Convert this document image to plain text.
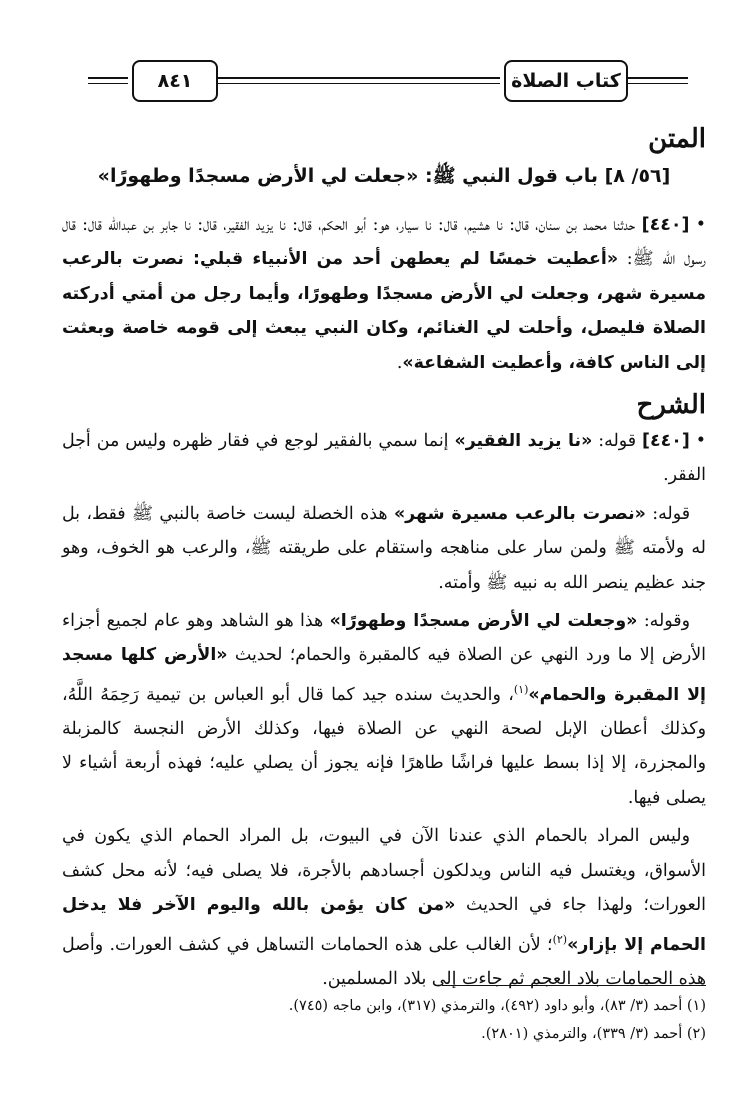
٨٤١	كتاب الصلاة
المتن
[٥٦/ ٨] باب قول النبي ﷺ: «جعلت لي الأرض مسجدًا وطهورًا»

• [٤٤٠] حدثنا محمد بن سنان، قال: نا هشيم، قال: نا سيار، هو: أبو الحكم، قال: نا يزيد الفقير، قال: نا جابر بن عبدالله قال: قال رسول الله ﷺ: «أعطيت خمسًا لم يعطهن أحد من الأنبياء قبلي: نصرت بالرعب مسيرة شهر، وجعلت لي الأرض مسجدًا وطهورًا، وأيما رجل من أمتي أدركته الصلاة فليصل، وأحلت لي الغنائم، وكان النبي يبعث إلى قومه خاصة وبعثت إلى الناس كافة، وأعطيت الشفاعة».

الشرح

• [٤٤٠] قوله: «نا يزيد الفقير» إنما سمي بالفقير لوجع في فقار ظهره وليس من أجل الفقر.

قوله: «نصرت بالرعب مسيرة شهر» هذه الخصلة ليست خاصة بالنبي ﷺ فقط، بل له ولأمته ﷺ ولمن سار على مناهجه واستقام على طريقته ﷺ، والرعب هو الخوف، وهو جند عظيم ينصر الله به نبيه ﷺ وأمته.

وقوله: «وجعلت لي الأرض مسجدًا وطهورًا» هذا هو الشاهد وهو عام لجميع أجزاء الأرض إلا ما ورد النهي عن الصلاة فيه كالمقبرة والحمام؛ لحديث «الأرض كلها مسجد إلا المقبرة والحمام»$^{(١)}$، والحديث سنده جيد كما قال أبو العباس بن تيمية رَحِمَهُ اللَّهُ، وكذلك أعطان الإبل لصحة النهي عن الصلاة فيها، وكذلك الأرض النجسة كالمزبلة والمجزرة، إلا إذا بسط عليها فراشًا طاهرًا فإنه يجوز أن يصلي عليه؛ فهذه أربعة أشياء لا يصلى فيها.

وليس المراد بالحمام الذي عندنا الآن في البيوت، بل المراد الحمام الذي يكون في الأسواق، ويغتسل فيه الناس ويدلكون أجسادهم بالأجرة، فلا يصلى فيه؛ لأنه محل كشف العورات؛ ولهذا جاء في الحديث «من كان يؤمن بالله واليوم الآخر فلا يدخل الحمام إلا بإزار»$^{(٢)}$؛ لأن الغالب على هذه الحمامات التساهل في كشف العورات. وأصل هذه الحمامات بلاد العجم ثم جاءت إلى بلاد المسلمين.

(١) أحمد (٣/ ٨٣)، وأبو داود (٤٩٢)، والترمذي (٣١٧)، وابن ماجه (٧٤٥).
(٢) أحمد (٣/ ٣٣٩)، والترمذي (٢٨٠١).
